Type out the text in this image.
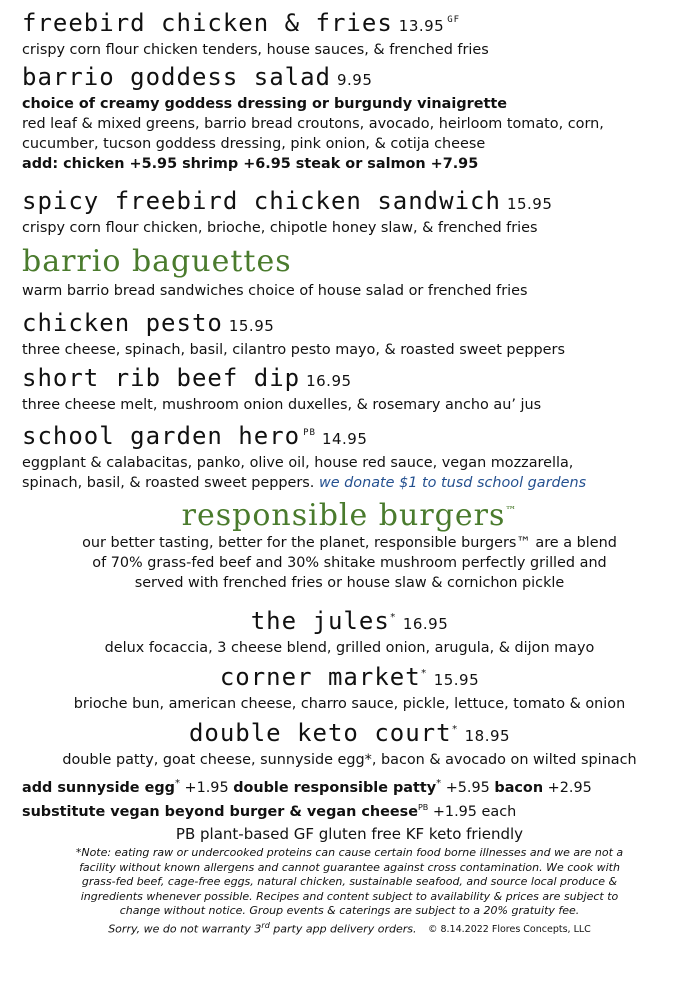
freebird chicken & fries 13.95 $^{GF}$
crispy corn flour chicken tenders, house sauces, & frenched fries
barrio goddess salad 9.95
choice of creamy goddess dressing or burgundy vinaigrette
red leaf & mixed greens, barrio bread croutons, avocado, heirloom tomato, corn,
cucumber, tucson goddess dressing, pink onion, & cotija cheese
add: chicken +5.95 shrimp +6.95 steak or salmon +7.95
spicy freebird chicken sandwich 15.95
crispy corn flour chicken, brioche, chipotle honey slaw, & frenched fries
barrio baguettes
warm barrio bread sandwiches choice of house salad or frenched fries
chicken pesto 15.95
three cheese, spinach, basil, cilantro pesto mayo, & roasted sweet peppers
short rib beef dip 16.95
three cheese melt, mushroom onion duxelles, & rosemary ancho au’ jus
school garden hero $^{PB}$ 14.95
eggplant & calabacitas, panko, olive oil, house red sauce, vegan mozzarella,
spinach, basil, & roasted sweet peppers. we donate $1 to tusd school gardens
responsible burgers™
our better tasting, better for the planet, responsible burgers™ are a blend
of 70% grass-fed beef and 30% shitake mushroom perfectly grilled and
served with frenched fries or house slaw & cornichon pickle
the jules* 16.95
delux focaccia, 3 cheese blend, grilled onion, arugula, & dijon mayo
corner market* 15.95
brioche bun, american cheese, charro sauce, pickle, lettuce, tomato & onion
double keto court* 18.95
double patty, goat cheese, sunnyside egg*, bacon & avocado on wilted spinach
add sunnyside egg* +1.95 double responsible patty* +5.95 bacon +2.95
substitute vegan beyond burger & vegan cheese$^{PB}$ +1.95 each
PB plant-based GF gluten free KF keto friendly
*Note: eating raw or undercooked proteins can cause certain food borne illnesses and we are not a
facility without known allergens and cannot guarantee against cross contamination. We cook with
grass-fed beef, cage-free eggs, natural chicken, sustainable seafood, and source local produce &
ingredients whenever possible. Recipes and content subject to availability & prices are subject to
change without notice. Group events & caterings are subject to a 20% gratuity fee.
Sorry, we do not warranty 3rd party app delivery orders. © 8.14.2022 Flores Concepts, LLC
